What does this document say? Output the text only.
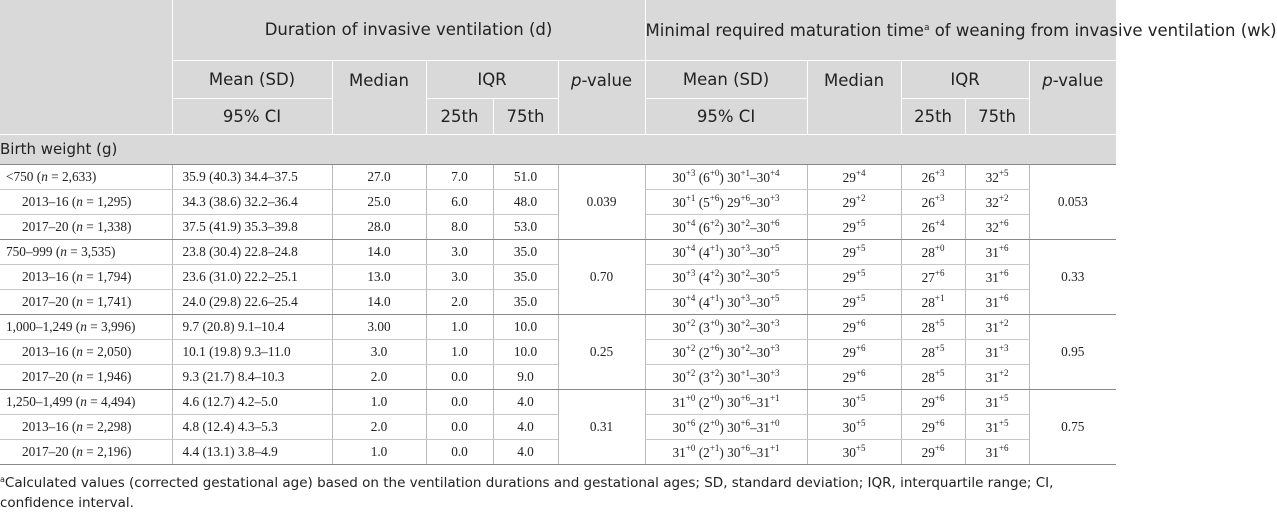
	Duration of invasive ventilation (d)					Minimal required maturation time$^a$ of weaning from invasive ventilation (wk)				
	Mean (SD)	Median	IQR		p-value	Mean (SD)	Median	IQR		p-value
	95% CI		25th	75th		95% CI		25th	75th	
Birth weight (g)										
<750 (n = 2,633)	35.9 (40.3) 34.4–37.5	27.0	7.0	51.0	0.039	$30^{+3}$ $(6^{+0})$ $30^{+1}-30^{+4}$	$29^{+4}$	$26^{+3}$	$32^{+5}$	0.053
2013–16 (n = 1,295)	34.3 (38.6) 32.2–36.4	25.0	6.0	48.0		$30^{+1}$ $(5^{+6})$ $29^{+6}-30^{+3}$	$29^{+2}$	$26^{+3}$	$32^{+2}$
2017–20 (n = 1,338)	37.5 (41.9) 35.3–39.8	28.0	8.0	53.0		$30^{+4}$ $(6^{+2})$ $30^{+2}-30^{+6}$	$29^{+5}$	$26^{+4}$	$32^{+6}$
750–999 (n = 3,535)	23.8 (30.4) 22.8–24.8	14.0	3.0	35.0	0.70	$30^{+4}$ $(4^{+1})$ $30^{+3}-30^{+5}$	$29^{+5}$	$28^{+0}$	$31^{+6}$	0.33
2013–16 (n = 1,794)	23.6 (31.0) 22.2–25.1	13.0	3.0	35.0		$30^{+3}$ $(4^{+2})$ $30^{+2}-30^{+5}$	$29^{+5}$	$27^{+6}$	$31^{+6}$
2017–20 (n = 1,741)	24.0 (29.8) 22.6–25.4	14.0	2.0	35.0		$30^{+4}$ $(4^{+1})$ $30^{+3}-30^{+5}$	$29^{+5}$	$28^{+1}$	$31^{+6}$
1,000–1,249 (n = 3,996)	9.7 (20.8) 9.1–10.4	3.00	1.0	10.0	0.25	$30^{+2}$ $(3^{+0})$ $30^{+2}-30^{+3}$	$29^{+6}$	$28^{+5}$	$31^{+2}$	0.95
2013–16 (n = 2,050)	10.1 (19.8) 9.3–11.0	3.0	1.0	10.0		$30^{+2}$ $(2^{+6})$ $30^{+2}-30^{+3}$	$29^{+6}$	$28^{+5}$	$31^{+3}$
2017–20 (n = 1,946)	9.3 (21.7) 8.4–10.3	2.0	0.0	9.0		$30^{+2}$ $(3^{+2})$ $30^{+1}-30^{+3}$	$29^{+6}$	$28^{+5}$	$31^{+2}$
1,250–1,499 (n = 4,494)	4.6 (12.7) 4.2–5.0	1.0	0.0	4.0	0.31	$31^{+0}$ $(2^{+0})$ $30^{+6}-31^{+1}$	$30^{+5}$	$29^{+6}$	$31^{+5}$	0.75
2013–16 (n = 2,298)	4.8 (12.4) 4.3–5.3	2.0	0.0	4.0		$30^{+6}$ $(2^{+0})$ $30^{+6}-31^{+0}$	$30^{+5}$	$29^{+6}$	$31^{+5}$
2017–20 (n = 2,196)	4.4 (13.1) 3.8–4.9	1.0	0.0	4.0		$31^{+0}$ $(2^{+1})$ $30^{+6}-31^{+1}$	$30^{+5}$	$29^{+6}$	$31^{+6}$
$^a$Calculated values (corrected gestational age) based on the ventilation durations and gestational ages; SD, standard deviation; IQR, interquartile range; CI, confidence interval.
